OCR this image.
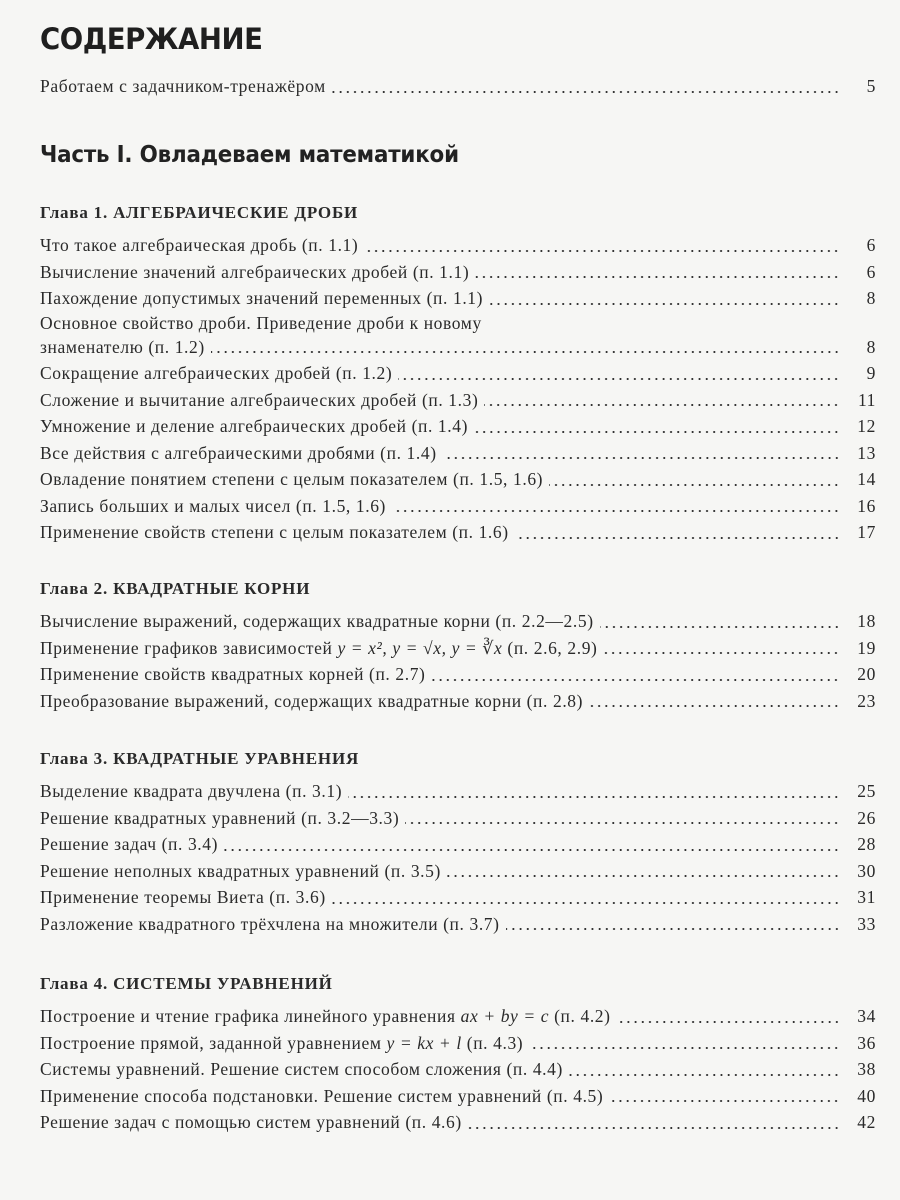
СОДЕРЖАНИЕ
Работаем с задачником-тренажёром	5
Часть I. Овладеваем математикой
Глава 1. АЛГЕБРАИЧЕСКИЕ ДРОБИ
Что такое алгебраическая дробь (п. 1.1)	6
Вычисление значений алгебраических дробей (п. 1.1)	6
Пахождение допустимых значений переменных (п. 1.1)	8
Основное свойство дроби. Приведение дроби к новому
знаменателю (п. 1.2)	8
Сокращение алгебраических дробей (п. 1.2)	9
Сложение и вычитание алгебраических дробей (п. 1.3)	11
Умножение и деление алгебраических дробей (п. 1.4)	12
Все действия с алгебраическими дробями (п. 1.4)	13
Овладение понятием степени с целым показателем (п. 1.5, 1.6)	14
Запись больших и малых чисел (п. 1.5, 1.6)	16
Применение свойств степени с целым показателем (п. 1.6)	17
Глава 2. КВАДРАТНЫЕ КОРНИ
Вычисление выражений, содержащих квадратные корни (п. 2.2—2.5)	18
Применение графиков зависимостей y = x², y = √x, y = ∛x (п. 2.6, 2.9)	19
Применение свойств квадратных корней (п. 2.7)	20
Преобразование выражений, содержащих квадратные корни (п. 2.8)	23
Глава 3. КВАДРАТНЫЕ УРАВНЕНИЯ
Выделение квадрата двучлена (п. 3.1)	25
Решение квадратных уравнений (п. 3.2—3.3)	26
Решение задач (п. 3.4)	28
Решение неполных квадратных уравнений (п. 3.5)	30
Применение теоремы Виета (п. 3.6)	31
Разложение квадратного трёхчлена на множители (п. 3.7)	33
Глава 4. СИСТЕМЫ УРАВНЕНИЙ
Построение и чтение графика линейного уравнения ax + by = c (п. 4.2)	34
Построение прямой, заданной уравнением y = kx + l (п. 4.3)	36
Системы уравнений. Решение систем способом сложения (п. 4.4)	38
Применение способа подстановки. Решение систем уравнений (п. 4.5)	40
Решение задач с помощью систем уравнений (п. 4.6)	42
